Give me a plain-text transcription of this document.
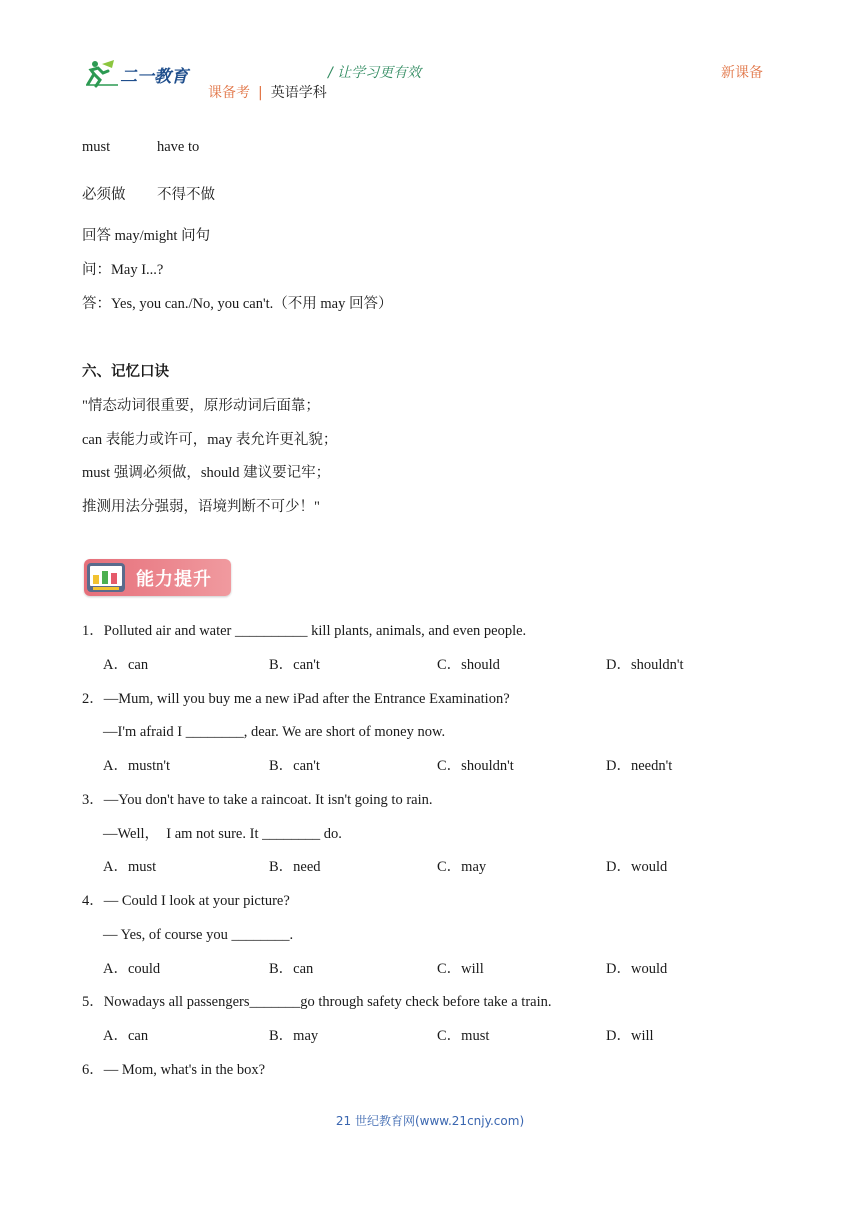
二一教育	/ 让学习更有效
课备考 | 英语学科
新课备
must	have to
必须做 不得不做
回答 may/might 问句
问：May I...?
答：Yes, you can./No, you can't.（不用 may 回答）
六、记忆口诀
"情态动词很重要，原形动词后面靠；
can 表能力或许可，may 表允许更礼貌；
must 强调必须做，should 建议要记牢；
推测用法分强弱，语境判断不可少！"
能力提升
1．Polluted air and water __________ kill plants, animals, and even people.
A．can	B．can't	C．should	D．shouldn't
2．—Mum, will you buy me a new iPad after the Entrance Examination?
—I'm afraid I ________, dear. We are short of money now.
A．mustn't	B．can't	C．shouldn't	D．needn't
3．—You don't have to take a raincoat. It isn't going to rain.
—Well，  I am not sure. It ________ do.
A．must	B．need	C．may	D．would
4．— Could I look at your picture?
— Yes, of course you ________.
A．could	B．can	C．will	D．would
5．Nowadays all passengers_______go through safety check before take a train.
A．can	B．may	C．must	D．will
6．— Mom, what's in the box?
21 世纪教育网(www.21cnjy.com)
